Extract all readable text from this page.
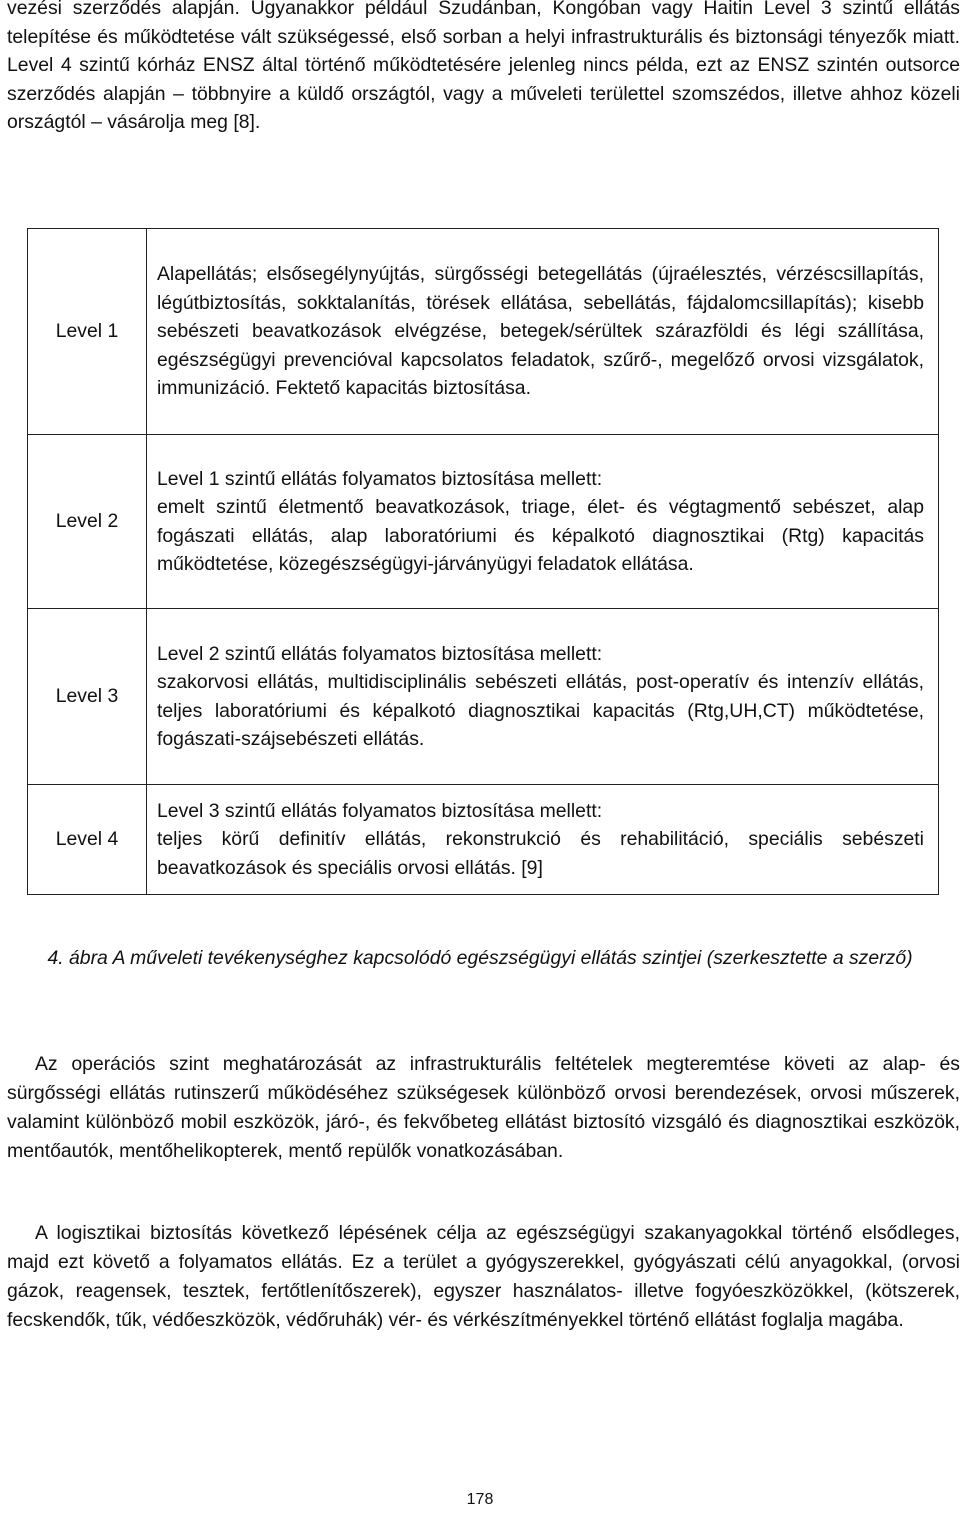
vezési szerződés alapján. Ugyanakkor például Szudánban, Kongóban vagy Haitin Level 3 szintű ellátás telepítése és működtetése vált szükségessé, első sorban a helyi infrastrukturális és biztonsági tényezők miatt. Level 4 szintű kórház ENSZ által történő működtetésére jelenleg nincs példa, ezt az ENSZ szintén outsorce szerződés alapján – többnyire a küldő országtól, vagy a műveleti területtel szomszédos, illetve ahhoz közeli országtól – vásárolja meg [8].

Level 1	Alapellátás; elsősegélynyújtás, sürgősségi betegellátás (újraélesztés, vérzéscsillapítás, légútbiztosítás, sokktalanítás, törések ellátása, sebellátás, fájdalomcsillapítás); kisebb sebészeti beavatkozások elvégzése, betegek/sérültek szárazföldi és légi szállítása, egészségügyi prevencióval kapcsolatos feladatok, szűrő-, megelőző orvosi vizsgálatok, immunizáció. Fektető kapacitás biztosítása.

Level 2	Level 1 szintű ellátás folyamatos biztosítása mellett:
emelt szintű életmentő beavatkozások, triage, élet- és végtagmentő sebészet, alap fogászati ellátás, alap laboratóriumi és képalkotó diagnosztikai (Rtg) kapacitás működtetése, közegészségügyi-járványügyi feladatok ellátása.

Level 3	Level 2 szintű ellátás folyamatos biztosítása mellett:
szakorvosi ellátás, multidisciplinális sebészeti ellátás, post-operatív és intenzív ellátás, teljes laboratóriumi és képalkotó diagnosztikai kapacitás (Rtg,UH,CT) működtetése, fogászati-szájsebészeti ellátás.

Level 4	Level 3 szintű ellátás folyamatos biztosítása mellett:
teljes körű definitív ellátás, rekonstrukció és rehabilitáció, speciális sebészeti beavatkozások és speciális orvosi ellátás. [9]

4. ábra A műveleti tevékenységhez kapcsolódó egészségügyi ellátás szintjei (szerkesztette a szerző)

Az operációs szint meghatározását az infrastrukturális feltételek megteremtése követi az alap- és sürgősségi ellátás rutinszerű működéséhez szükségesek különböző orvosi berendezések, orvosi műszerek, valamint különböző mobil eszközök, járó-, és fekvőbeteg ellátást biztosító vizsgáló és diagnosztikai eszközök, mentőautók, mentőhelikopterek, mentő repülők vonatkozásában.

A logisztikai biztosítás következő lépésének célja az egészségügyi szakanyagokkal történő elsődleges, majd ezt követő a folyamatos ellátás. Ez a terület a gyógyszerekkel, gyógyászati célú anyagokkal, (orvosi gázok, reagensek, tesztek, fertőtlenítőszerek), egyszer használatos- illetve fogyóeszközökkel, (kötszerek, fecskendők, tűk, védőeszközök, védőruhák) vér- és vérkészítményekkel történő ellátást foglalja magába.

178
